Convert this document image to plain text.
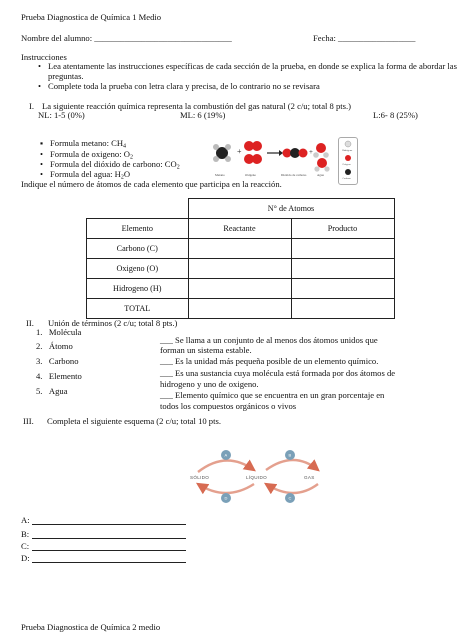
Prueba Diagnostica de Química 1 Medio
Nombre del alumno: ________________________________	Fecha: __________________
Instrucciones
• Lea atentamente las instrucciones específicas de cada sección de la prueba, en donde se explica la forma de abordar las
preguntas.
• Complete toda la prueba con letra clara y precisa, de lo contrario no se revisara
I. La siguiente reacción química representa la combustión del gas natural (2 c/u; total 8 pts.)
NL: 1-5 (0%)	ML: 6 (19%)	L:6- 8 (25%)
▪ Formula metano: $CH_4$
• Formula de oxigeno: $O_2$
• Formula del dióxido de carbono: $CO_2$
• Formula del agua: $H_2O$
+	+
Metano	Oxígeno	Dióxido de carbono	Agua
Hidrógeno
Oxígeno
Carbono
Indique el número de átomos de cada elemento que participa en la reacción.
	N° de Atomos	
Elemento	Reactante	Producto
Carbono (C)		
Oxigeno (O)		
Hidrogeno (H)		
TOTAL		
II. Unión de términos (2 c/u; total 8 pts.)
1.   Molécula
2.   Átomo
3.   Carbono
4.   Elemento
5.   Agua
___ Se llama a un conjunto de al menos dos átomos unidos que
forman un sistema estable.
___ Es la unidad más pequeña posible de un elemento químico.
___ Es una sustancia cuya molécula está formada por dos átomos de
hidrogeno y uno de oxigeno.
___ Elemento químico que se encuentra en un gran porcentaje en
todos los compuestos orgánicos o vivos
III. Completa el siguiente esquema (2 c/u; total 10 pts.
SÓLIDO	LÍQUIDO	GAS
A	B
C
D
A:
B:
C:
D:
Prueba Diagnostica de Química 2 medio
